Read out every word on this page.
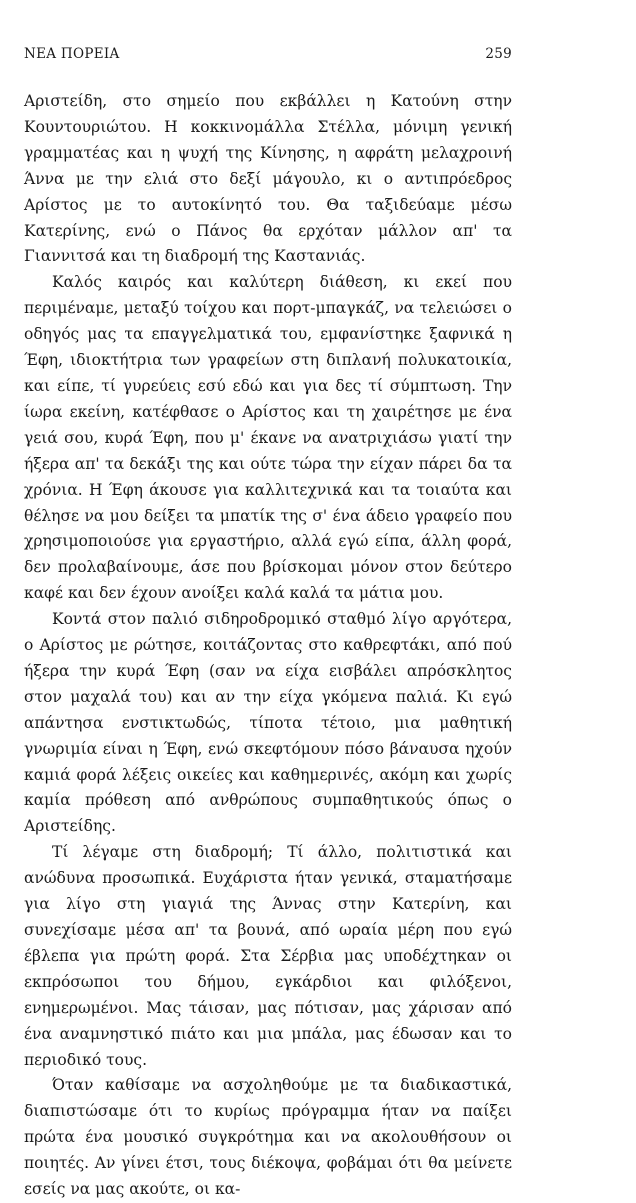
ΝΕΑ ΠΟΡΕΙΑ	259

Αριστείδη, στο σημείο που εκβάλλει η Κατούνη στην Κουντουριώτου. Η κοκκινομάλλα Στέλλα, μόνιμη γενική γραμματέας και η ψυχή της Κίνησης, η αφράτη μελαχροινή Άννα με την ελιά στο δεξί μάγουλο, κι ο αντιπρόεδρος Αρίστος με το αυτοκίνητό του. Θα ταξιδεύαμε μέσω Κατερίνης, ενώ ο Πάνος θα ερχόταν μάλλον απ' τα Γιαννιτσά και τη διαδρομή της Καστανιάς.

Καλός καιρός και καλύτερη διάθεση, κι εκεί που περιμέναμε, μεταξύ τοίχου και πορτ-μπαγκάζ, να τελειώσει ο οδηγός μας τα επαγγελματικά του, εμφανίστηκε ξαφνικά η Έφη, ιδιοκτήτρια των γραφείων στη διπλανή πολυκατοικία, και είπε, τί γυρεύεις εσύ εδώ και για δες τί σύμπτωση. Την ίωρα εκείνη, κατέφθασε ο Αρίστος και τη χαιρέτησε με ένα γειά σου, κυρά Έφη, που μ' έκανε να ανατριχιάσω γιατί την ήξερα απ' τα δεκάξι της και ούτε τώρα την είχαν πάρει δα τα χρόνια. Η Έφη άκουσε για καλλιτεχνικά και τα τοιαύτα και θέλησε να μου δείξει τα μπατίκ της σ' ένα άδειο γραφείο που χρησιμοποιούσε για εργαστήριο, αλλά εγώ είπα, άλλη φορά, δεν προλαβαίνουμε, άσε που βρίσκομαι μόνον στον δεύτερο καφέ και δεν έχουν ανοίξει καλά καλά τα μάτια μου.

Κοντά στον παλιό σιδηροδρομικό σταθμό λίγο αργότερα, ο Αρίστος με ρώτησε, κοιτάζοντας στο καθρεφτάκι, από πού ήξερα την κυρά Έφη (σαν να είχα εισβάλει απρόσκλητος στον μαχαλά του) και αν την είχα γκόμενα παλιά. Κι εγώ απάντησα ενστικτωδώς, τίποτα τέτοιο, μια μαθητική γνωριμία είναι η Έφη, ενώ σκεφτόμουν πόσο βάναυσα ηχούν καμιά φορά λέξεις οικείες και καθημερινές, ακόμη και χωρίς καμία πρόθεση από ανθρώπους συμπαθητικούς όπως ο Αριστείδης.

Τί λέγαμε στη διαδρομή; Τί άλλο, πολιτιστικά και ανώδυνα προσωπικά. Ευχάριστα ήταν γενικά, σταματήσαμε για λίγο στη γιαγιά της Άννας στην Κατερίνη, και συνεχίσαμε μέσα απ' τα βουνά, από ωραία μέρη που εγώ έβλεπα για πρώτη φορά. Στα Σέρβια μας υποδέχτηκαν οι εκπρόσωποι του δήμου, εγκάρδιοι και φιλόξενοι, ενημερωμένοι. Μας τάισαν, μας πότισαν, μας χάρισαν από ένα αναμνηστικό πιάτο και μια μπάλα, μας έδωσαν και το περιοδικό τους.

Όταν καθίσαμε να ασχοληθούμε με τα διαδικαστικά, διαπιστώσαμε ότι το κυρίως πρόγραμμα ήταν να παίξει πρώτα ένα μουσικό συγκρότημα και να ακολουθήσουν οι ποιητές. Αν γίνει έτσι, τους διέκοψα, φοβάμαι ότι θα μείνετε εσείς να μας ακούτε, οι κα-
